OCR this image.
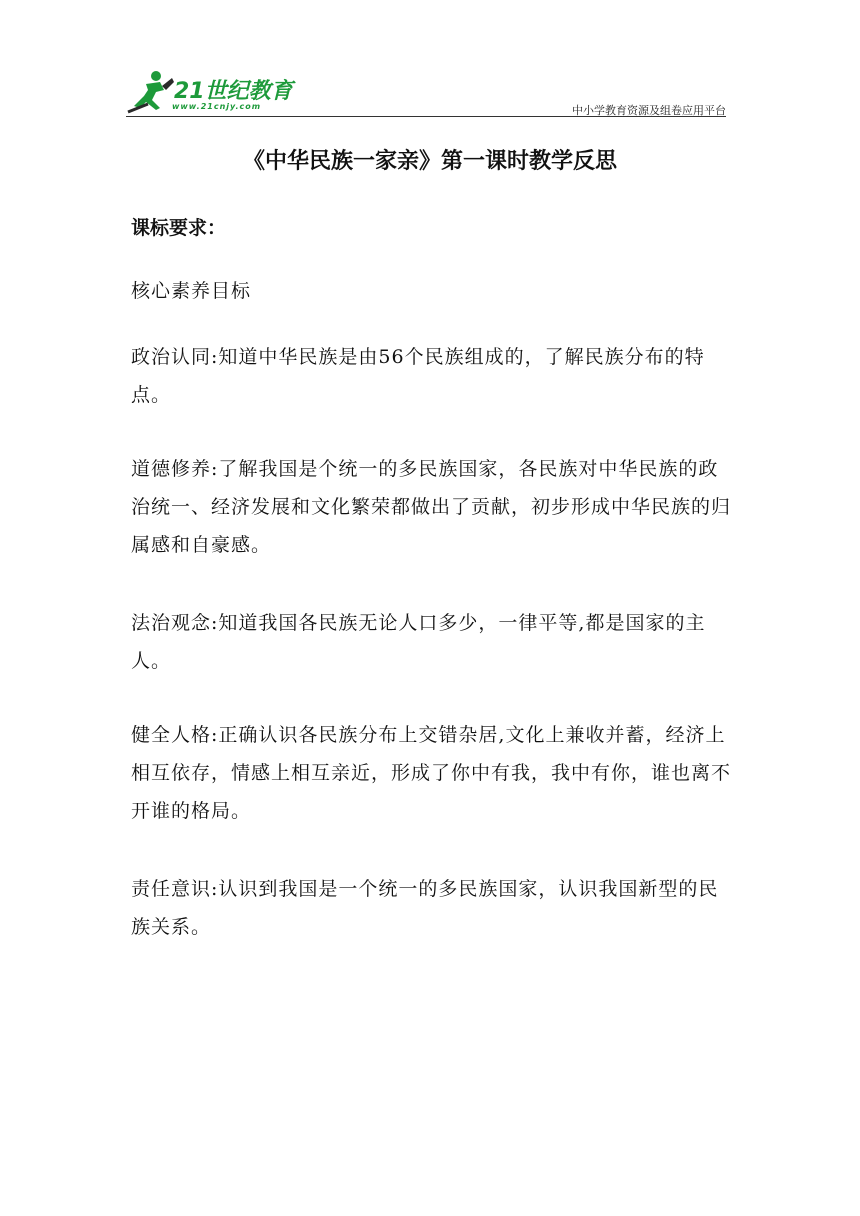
21世纪教育
www.21cnjy.com	中小学教育资源及组卷应用平台
《中华民族一家亲》第一课时教学反思
课标要求：

核心素养目标

政治认同:知道中华民族是由56个民族组成的，了解民族分布的特点。

道德修养:了解我国是个统一的多民族国家，各民族对中华民族的政治统一、经济发展和文化繁荣都做出了贡献，初步形成中华民族的归属感和自豪感。

法治观念:知道我国各民族无论人口多少，一律平等,都是国家的主人。

健全人格:正确认识各民族分布上交错杂居,文化上兼收并蓄，经济上相互依存，情感上相互亲近，形成了你中有我，我中有你，谁也离不开谁的格局。

责任意识:认识到我国是一个统一的多民族国家，认识我国新型的民族关系。
